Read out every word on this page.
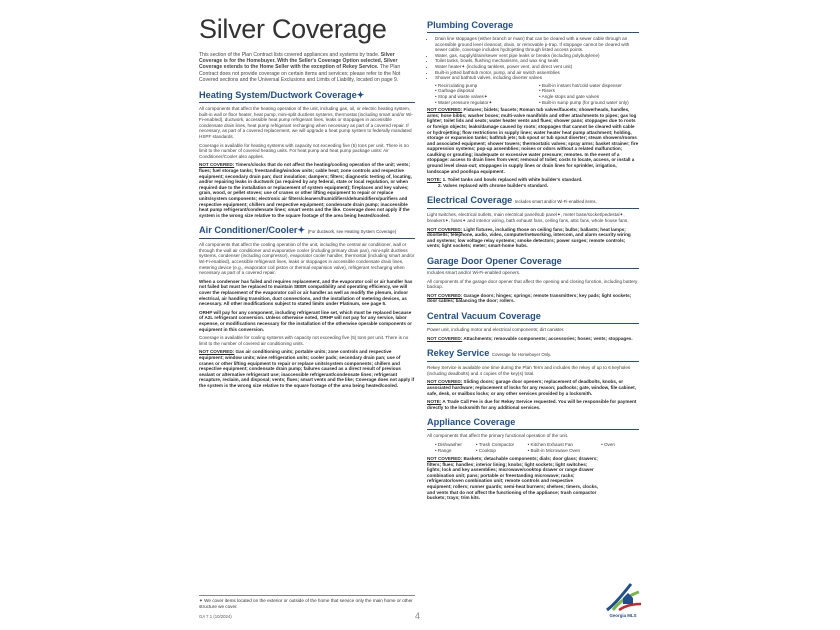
Silver Coverage
This section of the Plan Contract lists covered appliances and systems by trade. Silver Coverage is for the Homebuyer. With the Seller's Coverage Option selected, Silver Coverage extends to the Home Seller with the exception of Rekey Service. The Plan Contract does not provide coverage on certain items and services; please refer to the Not Covered sections and the Universal Exclusions and Limits of Liability, located on page 9.
Heating System/Ductwork Coverage✦
All components that affect the heating operation of the unit, including gas, oil, or electric heating system, built-in wall or floor heater, heat pump, mini-split ductless systems, thermostat (including smart and/or Wi-Fi-enabled), ductwork, accessible heat pump refrigerant lines, leaks or stoppages in accessible condensate drain lines, heat pump refrigerant recharging when necessary as part of a covered repair. If necessary, as part of a covered replacement, we will upgrade a heat pump system to federally mandated HSPF standards.
Coverage is available for heating systems with capacity not exceeding five (5) tons per unit. There is no limit to the number of covered heating units. For heat pump and heat pump package units: Air Conditioner/Cooler also applies.
NOT COVERED: Timers/clocks that do not affect the heating/cooling operation of the unit; vents; flues; fuel storage tanks; freestanding/window units; cable heat; zone controls and respective equipment; secondary drain pan; duct insulation; dampers; filters; diagnostic testing of, locating, and/or repairing leaks in ductwork (as required by any federal, state or local regulation, or when required due to the installation or replacement of system equipment); fireplaces and key valves; grain, wood, or pellet stoves; use of cranes or other lifting equipment to repair or replace units/system components; electronic air filters/cleaners/humidifiers/dehumidifiers/purifiers and respective equipment; chillers and respective equipment; condensate drain pump; inaccessible heat pump refrigerant/condensate lines; smart vents and the like. Coverage does not apply if the system is the wrong size relative to the square footage of the area being heated/cooled.
Air Conditioner/Cooler✦ (For ductwork, see Heating System Coverage)
All components that affect the cooling operation of the unit, including the central air conditioner, wall or through the wall air conditioner and evaporative cooler (including primary drain pan), mini-split ductless systems, condenser (including compressor), evaporator cooler handler, thermostat (including smart and/or Wi-Fi-enabled), accessible refrigerant lines, leaks or stoppages in accessible condensate drain lines, metering device (e.g., evaporator coil piston or thermal expansion valve), refrigerant recharging when necessary as part of a covered repair.
When a condenser has failed and requires replacement, and the evaporator coil or air handler has not failed but must be replaced to maintain SEER compatibility and operating efficiency, we will cover the replacement of the evaporator coil or air handler as well as modify the plenum, indoor electrical, air handling transition, duct connections, and the installation of metering devices, as necessary. All other modifications subject to stated limits under Platinum, see page 5.
ORHP will pay for any component, including refrigerant line set, which must be replaced because of A2L refrigerant conversion. Unless otherwise noted, ORHP will not pay for any service, labor expense, or modifications necessary for the installation of the otherwise operable components or equipment in this conversion.
Coverage is available for cooling systems with capacity not exceeding five (5) tons per unit. There is no limit to the number of covered air conditioning units.
NOT COVERED: Gas air conditioning units; portable units; zone controls and respective equipment; window units; wine refrigeration units; cooler pads; secondary drain pan; use of cranes or other lifting equipment to repair or replace units/system components; chillers and respective equipment; condensate drain pump; failures caused as a direct result of previous sealant or alternative refrigerant use; inaccessible refrigerant/condensate lines; refrigerant recapture, reclaim, and disposal; vents; flues; smart vents and the like; Coverage does not apply if the system is the wrong size relative to the square footage of the area being heated/cooled.
✦ We cover items located on the exterior or outside of the home that service only the main home or other structure we cover.
GA 7.1 (10/2024)	4
Plumbing Coverage
• Drain line stoppages (either branch or main) that can be cleared with a sewer cable through an accessible ground level cleanout, drain, or removable p-trap. If stoppage cannot be cleared with sewer cable, coverage includes hydrojetting through listed access points.
• Water, gas, supply/drain/sewer vent pipe leaks or breaks (including polybutylene)
• Toilet tanks, bowls, flushing mechanisms, and wax ring seals
• Water heater✦ (including tankless, power vent, and direct vent unit)
• Built-in jetted bathtub motor, pump, and air switch assemblies
• Shower and bathtub valves, including diverter valves
• Recirculating pump	• Built-in instant hot/cold water dispenser
• Garbage disposal	• Risers
• Stop and waste valves✦	• Angle stops and gate valves
• Water pressure regulator✦	• Built-in sump pump (for ground water only)
NOT COVERED: Fixtures; bidets; faucets; Roman tub valves/faucets; showerheads, handles, arms; hose bibbs; washer boxes; multi-valve manifolds and other attachments to pipes; gas log lighter; toilet lids and seats; water heater vents and flues; shower pans; stoppages due to roots or foreign objects; leaks/damage caused by roots; stoppages that cannot be cleared with cable or hydrojetting; flow restrictions in supply lines; water heater heat pump attachment; holding, storage or expansion tanks; bathtub jets; tub spout or tub spout diverter; steam showers/rooms and associated equipment; shower towers; thermostatic valves; spray arms; basket strainer; fire suppression systems; pop-up assemblies; noises or odors without a related malfunction; caulking or grouting; inadequate or excessive water pressure; remotes. In the event of a stoppage: access to drain lines from vent; removal of toilet; costs to locate, access, or install a ground level clean-out; stoppages in supply lines or drain lines for sprinkler, irrigation, landscape and pool/spa equipment.
NOTE: 1. Toilet tanks and bowls replaced with white builder's standard.
2. Valves replaced with chrome builder's standard.
Electrical Coverage Includes smart and/or Wi-Fi-enabled items.
Light switches, electrical outlets, main electrical panel/sub panel✦, meter base/socket/pedestal✦, breakers✦, fuses✦ and interior wiring, bath exhaust fans, ceiling fans, attic fans, whole house fans.
NOT COVERED: Light fixtures, including those on ceiling fans; bulbs; ballasts; heat lamps; doorbells; telephone, audio, video, computer/networking, intercom, and alarm security wiring and systems; low voltage relay systems; smoke detectors; power surges; remote controls; vents; light sockets; meter; smart-home hubs.
Garage Door Opener Coverage
Includes smart and/or Wi-Fi-enabled openers.
All components of the garage door opener that affect the opening and closing function, including battery backup.
NOT COVERED: Garage doors; hinges; springs; remote transmitters; key pads; light sockets; door cables; balancing the door; rollers.
Central Vacuum Coverage
Power unit, including motor and electrical components; dirt canister.
NOT COVERED: Attachments; removable components; accessories; hoses; vents; stoppages.
Rekey Service Coverage for Homebuyer Only.
Rekey Service is available one time during the Plan Term and includes the rekey of up to 6 keyholes (including deadbolts) and 4 copies of the key(s) total.
NOT COVERED: Sliding doors; garage door openers; replacement of deadbolts, knobs, or associated hardware; replacement of locks for any reason; padlocks; gate, window, file cabinet, safe, desk, or mailbox locks; or any other services provided by a locksmith.
NOTE: A Trade Call Fee is due for Rekey Service requested. You will be responsible for payment directly to the locksmith for any additional services.
Appliance Coverage
All components that affect the primary functional operation of the unit.
• Dishwasher	• Trash Compactor	• Kitchen Exhaust Fan	• Oven
• Range	• Cooktop	• Built-in Microwave Oven
NOT COVERED: Baskets; detachable components; dials; door glass; drawers; filters; flues; handles; interior lining; knobs; light sockets; light switches; lights; lock and key assemblies; microwave/cooktop drawer or range drawer combination unit; pans; portable or freestanding microwave; racks; refrigerator/oven combination unit; remote controls and respective equipment; rollers; runner guards; semi-heat burners; shelves; timers, clocks, and vents that do not affect the functioning of the appliance; trash compactor buckets; trays; trim kits.
Georgia MLS
